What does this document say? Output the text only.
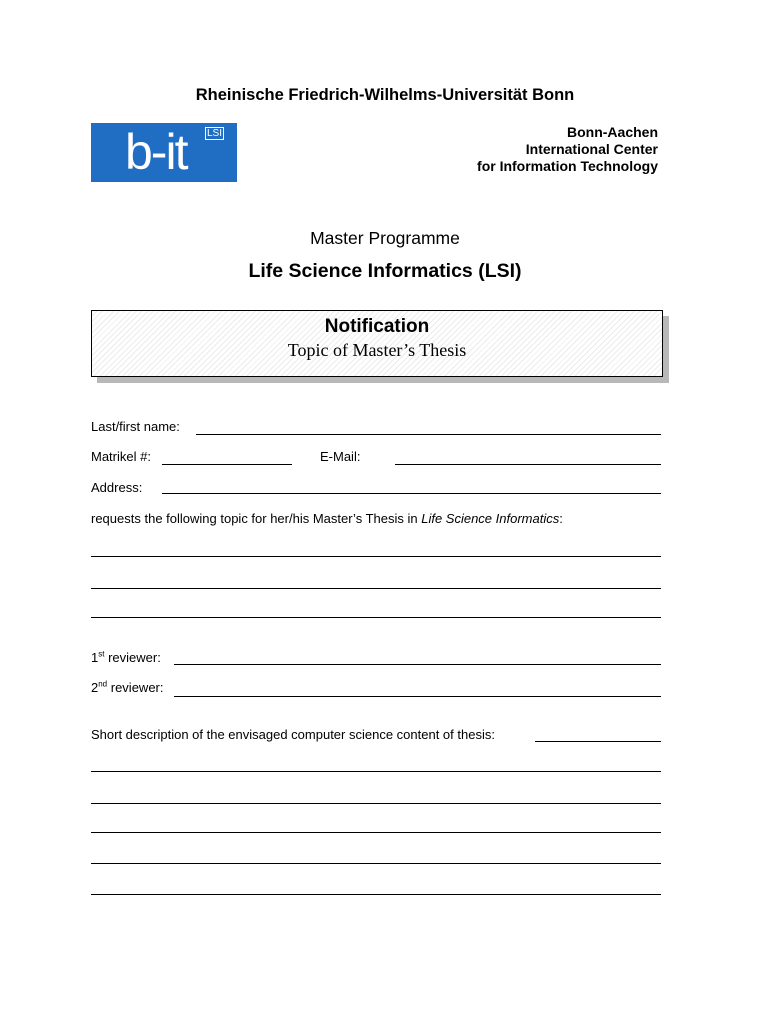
Rheinische Friedrich-Wilhelms-Universität Bonn
b-it LSI	Bonn-Aachen
International Center
for Information Technology
Master Programme
Life Science Informatics (LSI)
Notification
Topic of Master’s Thesis
Last/first name:
Matrikel #:	E-Mail:
Address:
requests the following topic for her/his Master’s Thesis in Life Science Informatics:
1st reviewer:
2nd reviewer:
Short description of the envisaged computer science content of thesis:
